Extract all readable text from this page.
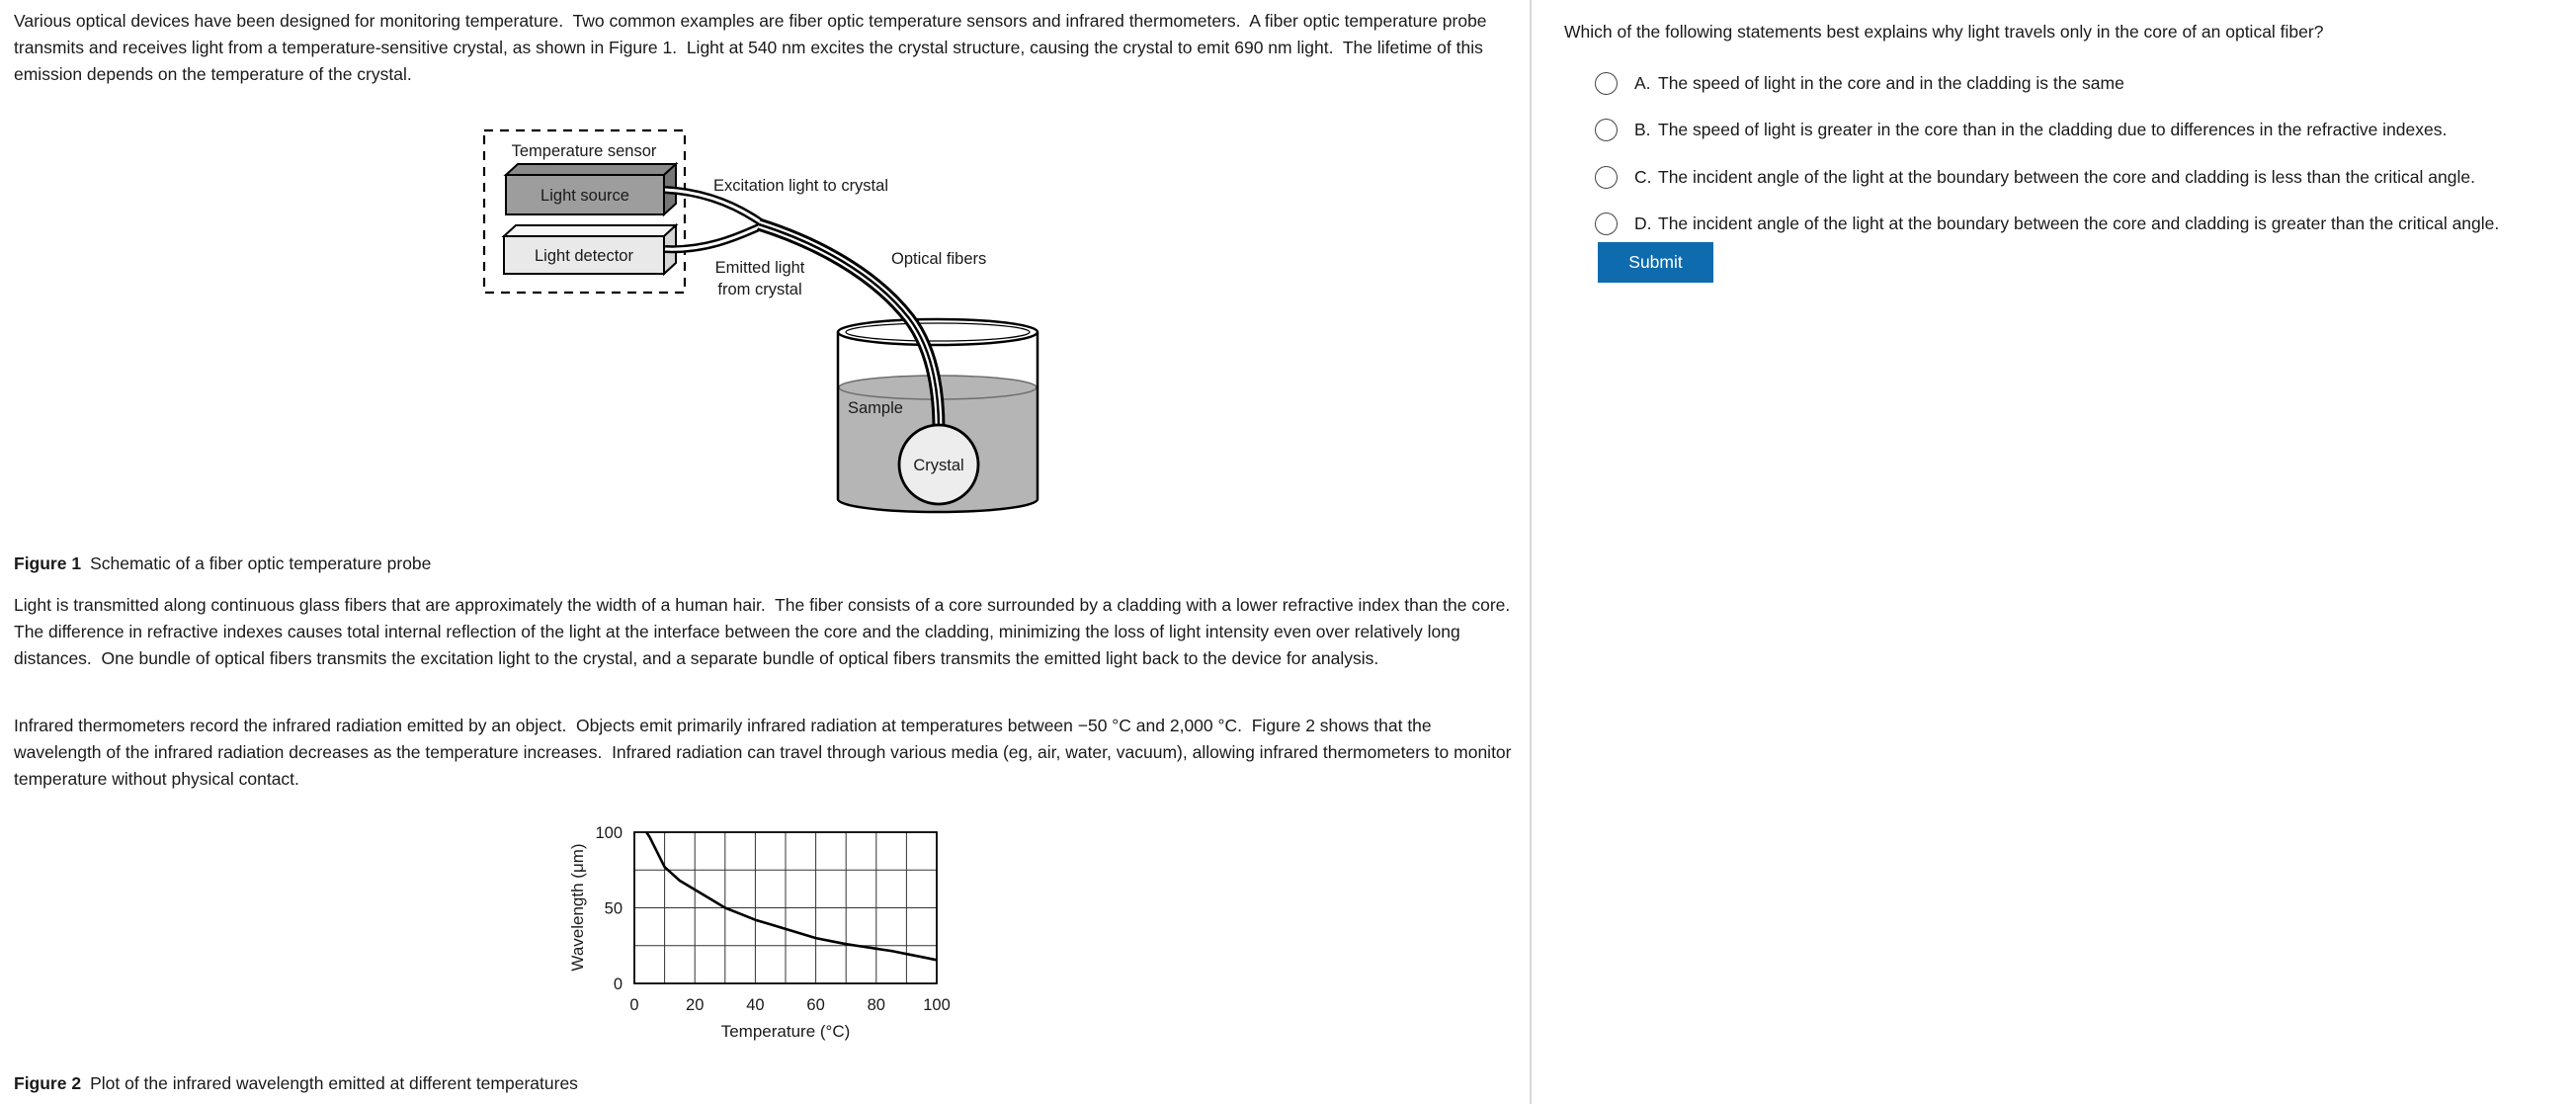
Various optical devices have been designed for monitoring temperature.  Two common examples are fiber optic temperature sensors and infrared thermometers.  A fiber optic temperature probe transmits and receives light from a temperature-sensitive crystal, as shown in Figure 1.  Light at 540 nm excites the crystal structure, causing the crystal to emit 690 nm light.  The lifetime of this emission depends on the temperature of the crystal.
Temperature sensor
Light source
Light detector
Crystal
Excitation light to crystal
Emitted light
from crystal
Optical fibers
Sample
Figure 1 Schematic of a fiber optic temperature probe
Light is transmitted along continuous glass fibers that are approximately the width of a human hair.  The fiber consists of a core surrounded by a cladding with a lower refractive index than the core.  The difference in refractive indexes causes total internal reflection of the light at the interface between the core and the cladding, minimizing the loss of light intensity even over relatively long distances.  One bundle of optical fibers transmits the excitation light to the crystal, and a separate bundle of optical fibers transmits the emitted light back to the device for analysis.
Infrared thermometers record the infrared radiation emitted by an object.  Objects emit primarily infrared radiation at temperatures between −50 °C and 2,000 °C.  Figure 2 shows that the wavelength of the infrared radiation decreases as the temperature increases.  Infrared radiation can travel through various media (eg, air, water, vacuum), allowing infrared thermometers to monitor temperature without physical contact.
0	20	40	60	80 100
0
50
100
Temperature (°C)
Wavelength (μm)
Figure 2 Plot of the infrared wavelength emitted at different temperatures
Which of the following statements best explains why light travels only in the core of an optical fiber?
A. The speed of light in the core and in the cladding is the same
B. The speed of light is greater in the core than in the cladding due to differences in the refractive indexes.
C. The incident angle of the light at the boundary between the core and cladding is less than the critical angle.
D. The incident angle of the light at the boundary between the core and cladding is greater than the critical angle.
Submit
